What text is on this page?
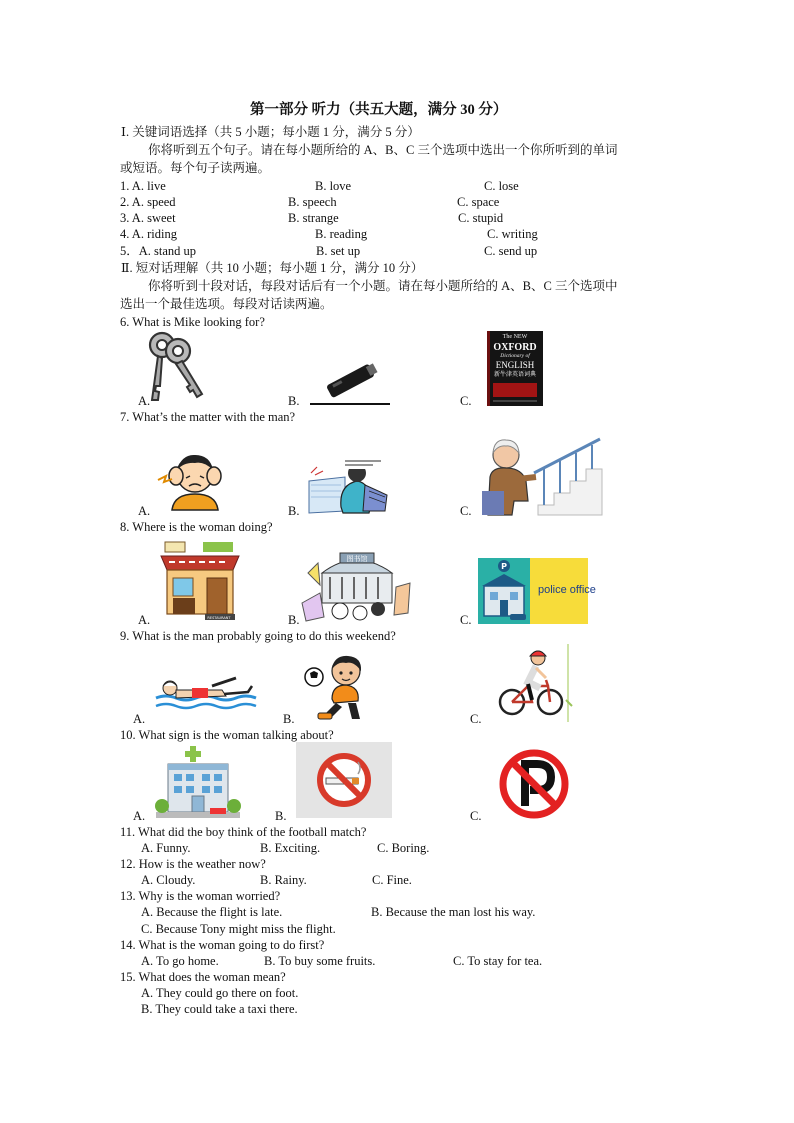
第一部分 听力（共五大题，满分 30 分）
Ⅰ. 关键词语选择（共 5 小题；每小题 1 分，满分 5 分）
你将听到五个句子。请在每小题所给的 A、B、C 三个选项中选出一个你所听到的单词
或短语。每个句子读两遍。
1. A. live	B. love	C. lose
2. A. speed	B. speech	C. space
3. A. sweet	B. strange	C. stupid
4. A. riding	B. reading	C. writing
5．A. stand up	B. set up	C. send up
Ⅱ. 短对话理解（共 10 小题；每小题 1 分，满分 10 分）
你将听到十段对话，每段对话后有一个小题。请在每小题所给的 A、B、C 三个选项中
选出一个最佳选项。每段对话读两遍。
6. What is Mike looking for?
A.	B.
The NEW
OXFORD
Dictionary of
ENGLISH
新牛津英语词典
C.
7. What’s the matter with the man?
A.	B.	C.
8. Where is the woman doing?
RESTAURANT
A.
图书馆
B.
P
police office
C.
9. What is the man probably going to do this weekend?
A.	B.	C.
10. What sign is the woman talking about?
A.	B.	C.
11. What did the boy think of the football match?
A. Funny.	B. Exciting.	C. Boring.
12. How is the weather now?
A. Cloudy.	B. Rainy.	C. Fine.
13. Why is the woman worried?
A. Because the flight is late.	B. Because the man lost his way.
C. Because Tony might miss the flight.
14. What is the woman going to do first?
A. To go home.	B. To buy some fruits.	C. To stay for tea.
15. What does the woman mean?
A. They could go there on foot.
B. They could take a taxi there.
